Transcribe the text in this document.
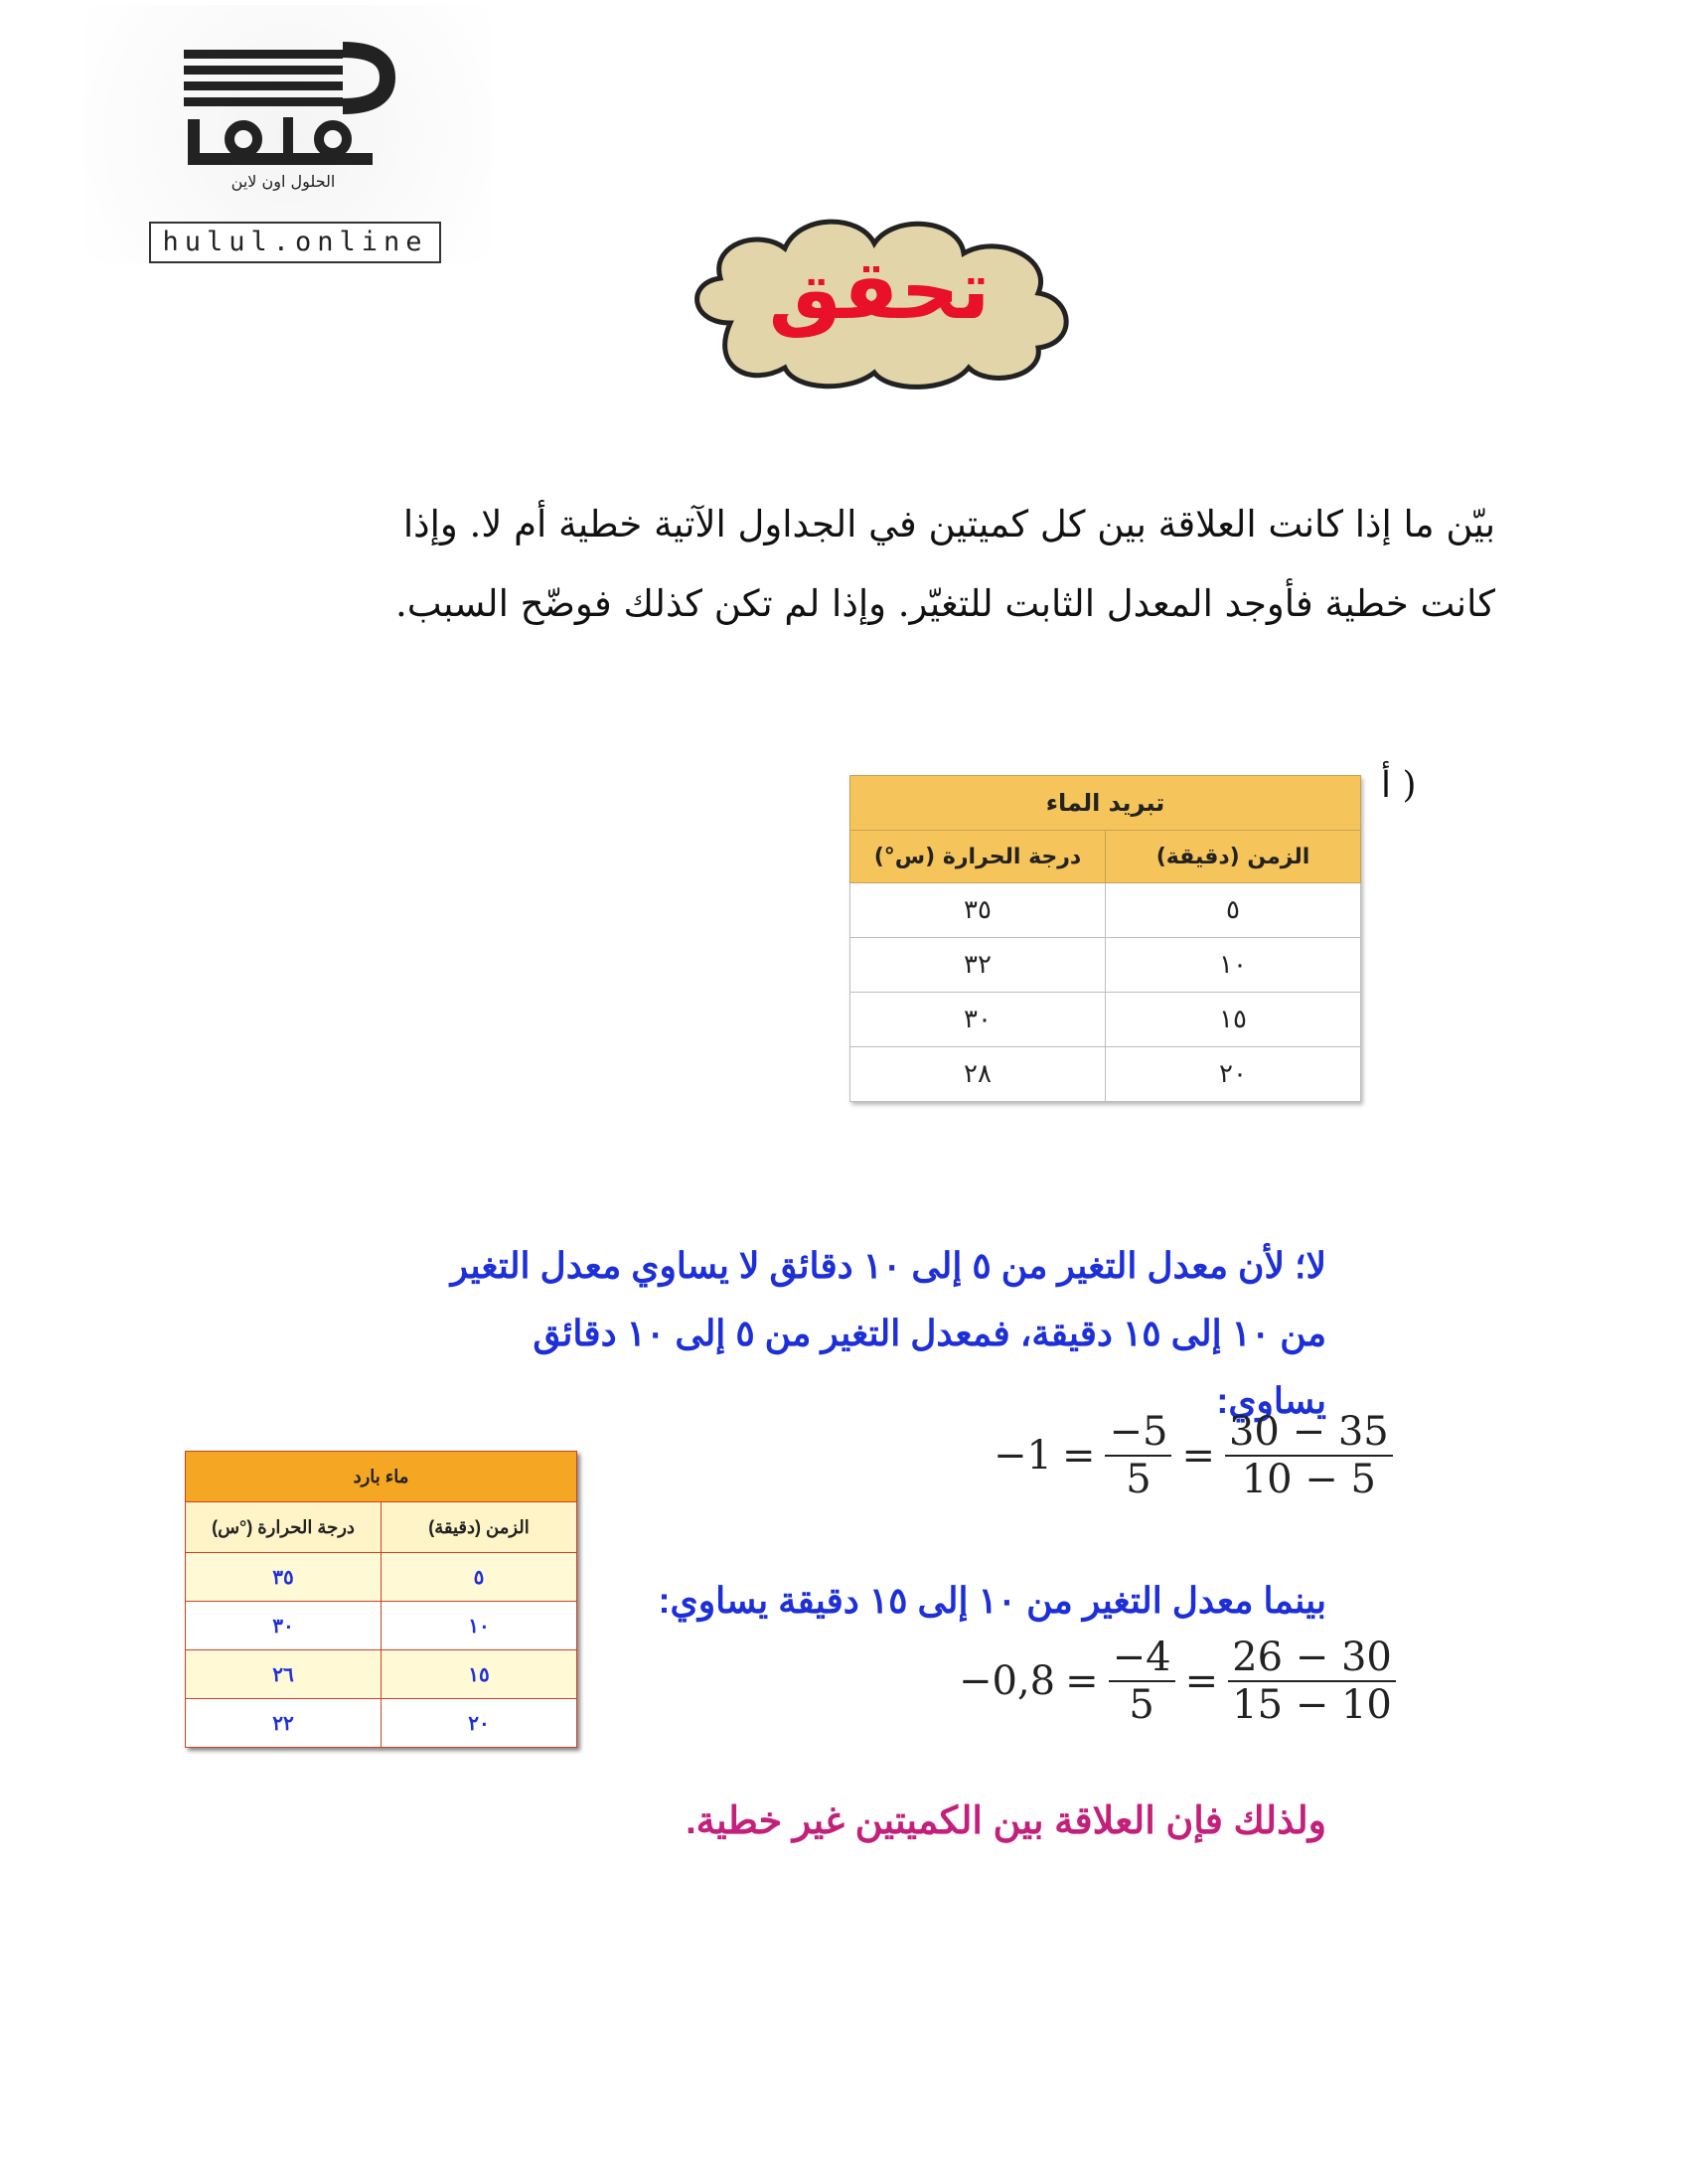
الحلول اون لاين
hulul.online
تحقق
بيّن ما إذا كانت العلاقة بين كل كميتين في الجداول الآتية خطية أم لا. وإذا
كانت خطية فأوجد المعدل الثابت للتغيّر. وإذا لم تكن كذلك فوضّح السبب.
أ )
تبريد الماء	
الزمن (دقيقة)	درجة الحرارة (س°)
٥	٣٥
١٠	٣٢
١٥	٣٠
٢٠	٢٨
لا؛ لأن معدل التغير من ٥ إلى ١٠ دقائق لا يساوي معدل التغير
من ١٠ إلى ١٥ دقيقة، فمعدل التغير من ٥ إلى ١٠ دقائق
يساوي:
$-1 = \frac{-5}{5} = \frac{30 - 35}{10 - 5}$
بينما معدل التغير من ١٠ إلى ١٥ دقيقة يساوي:
$-0,8 = \frac{-4}{5} = \frac{26 - 30}{15 - 10}$
ولذلك فإن العلاقة بين الكميتين غير خطية.
ماء بارد	
الزمن (دقيقة)	درجة الحرارة (°س)
٥	٣٥
١٠	٣٠
١٥	٢٦
٢٠	٢٢
